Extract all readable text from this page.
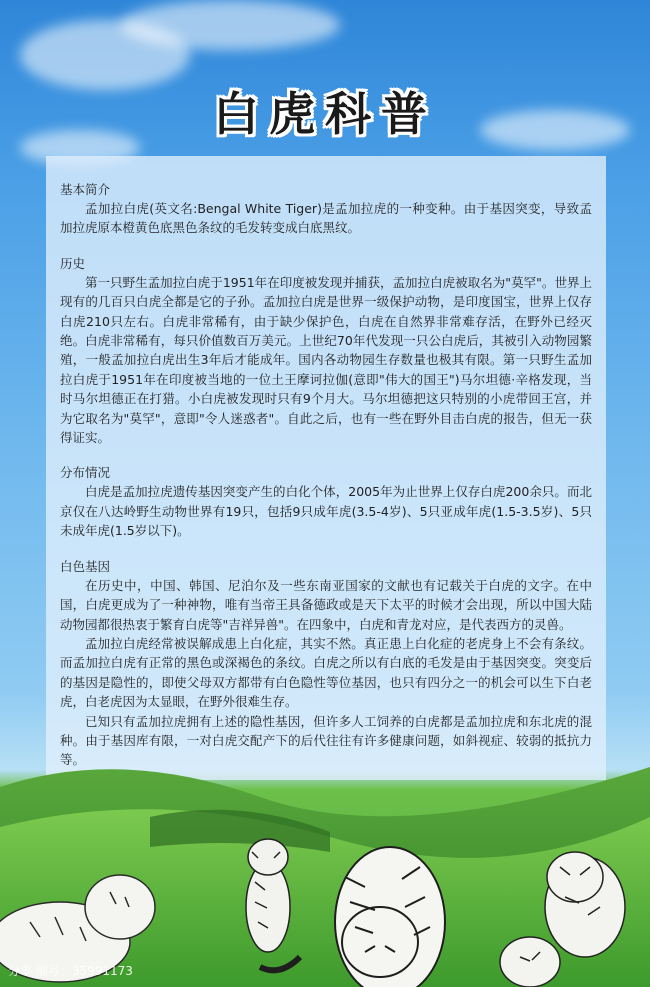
白虎科普
基本简介

孟加拉白虎(英文名:Bengal White Tiger)是孟加拉虎的一种变种。由于基因突变，导致孟加拉虎原本橙黄色底黑色条纹的毛发转变成白底黑纹。

历史

第一只野生孟加拉白虎于1951年在印度被发现并捕获，孟加拉白虎被取名为"莫罕"。世界上现有的几百只白虎全都是它的子孙。孟加拉白虎是世界一级保护动物，是印度国宝，世界上仅存白虎210只左右。白虎非常稀有，由于缺少保护色，白虎在自然界非常难存活，在野外已经灭绝。白虎非常稀有，每只价值数百万美元。上世纪70年代发现一只公白虎后，其被引入动物园繁殖，一般孟加拉白虎出生3年后才能成年。国内各动物园生存数量也极其有限。第一只野生孟加拉白虎于1951年在印度被当地的一位土王摩诃拉伽(意即"伟大的国王")马尔坦德·辛格发现，当时马尔坦德正在打猎。小白虎被发现时只有9个月大。马尔坦德把这只特别的小虎带回王宫，并为它取名为"莫罕"，意即"令人迷惑者"。自此之后，也有一些在野外目击白虎的报告，但无一获得证实。

分布情况

白虎是孟加拉虎遗传基因突变产生的白化个体，2005年为止世界上仅存白虎200余只。而北京仅在八达岭野生动物世界有19只，包括9只成年虎(3.5-4岁)、5只亚成年虎(1.5-3.5岁)、5只未成年虎(1.5岁以下)。

白色基因

在历史中，中国、韩国、尼泊尔及一些东南亚国家的文献也有记载关于白虎的文字。在中国，白虎更成为了一种神物，唯有当帝王具备德政或是天下太平的时候才会出现，所以中国大陆动物园都很热衷于繁育白虎等"吉祥异兽"。在四象中，白虎和青龙对应，是代表西方的灵兽。

孟加拉白虎经常被误解成患上白化症，其实不然。真正患上白化症的老虎身上不会有条纹。而孟加拉白虎有正常的黑色或深褐色的条纹。白虎之所以有白底的毛发是由于基因突变。突变后的基因是隐性的，即使父母双方都带有白色隐性等位基因，也只有四分之一的机会可以生下白老虎，白老虎因为太显眼，在野外很难生存。

已知只有孟加拉虎拥有上述的隐性基因，但许多人工饲养的白虎都是孟加拉虎和东北虎的混种。由于基因库有限，一对白虎交配产下的后代往往有许多健康问题，如斜视症、较弱的抵抗力等。

分享 编号：35991173
